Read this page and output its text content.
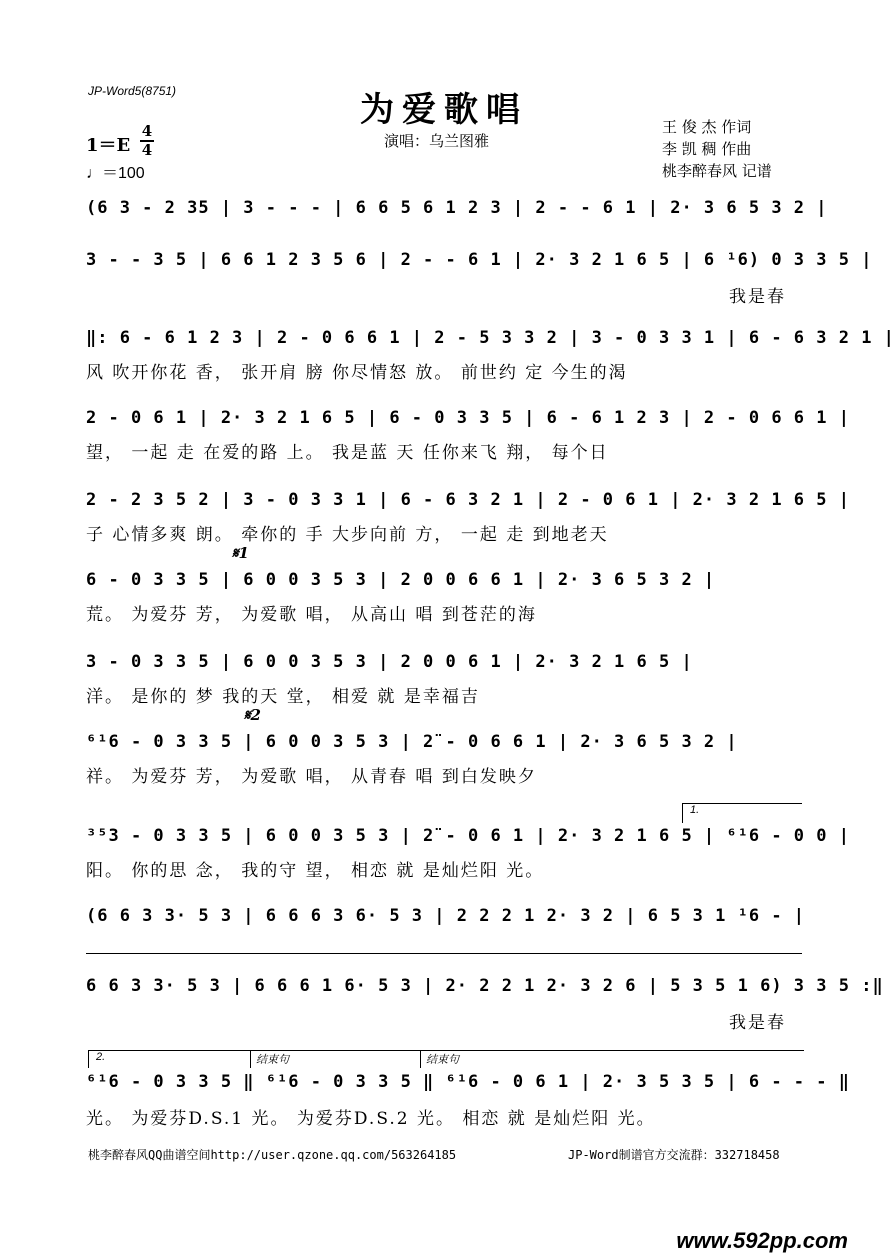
JP-Word5(8751)	为爱歌唱
演唱：乌兰图雅
1＝E
4
4
♩＝100
王 俊 杰 作词
李 凯 稠 作曲
桃李醉春风 记谱
(6 3 - 2 35 | 3 - - - | 6 6 5 6 1 2 3 | 2 - - 6 1 | 2· 3 6 5 3 2 |
3 - - 3 5 | 6 6 1 2 3 5 6 | 2 - - 6 1 | 2· 3 2 1 6 5 | 6 ¹6) 0 3 3 5 |
我是春
‖: 6 - 6 1 2 3 | 2 - 0 6 6 1 | 2 - 5 3 3 2 | 3 - 0 3 3 1 | 6 - 6 3 2 1 |
风 吹开你花 香， 张开肩 膀 你尽情怒 放。 前世约 定 今生的渴
2 - 0 6 1 | 2· 3 2 1 6 5 | 6 - 0 3 3 5 | 6 - 6 1 2 3 | 2 - 0 6 6 1 |
望， 一起 走 在爱的路 上。 我是蓝 天 任你来飞 翔， 每个日
2 - 2 3 5 2 | 3 - 0 3 3 1 | 6 - 6 3 2 1 | 2 - 0 6 1 | 2· 3 2 1 6 5 |
子 心情多爽 朗。 牵你的 手 大步向前 方， 一起 走 到地老天
𝄋1
6 - 0 3 3 5 | 6 0 0 3 5 3 | 2 0 0 6 6 1 | 2· 3 6 5 3 2 |
荒。 为爱芬 芳， 为爱歌 唱， 从高山 唱 到苍茫的海
3 - 0 3 3 5 | 6 0 0 3 5 3 | 2 0 0 6 1 | 2· 3 2 1 6 5 |
洋。 是你的 梦 我的天 堂， 相爱 就 是幸福吉
𝄋2
⁶¹6 - 0 3 3 5 | 6 0 0 3 5 3 | 2̈ - 0 6 6 1 | 2· 3 6 5 3 2 |
祥。 为爱芬 芳， 为爱歌 唱， 从青春 唱 到白发映夕
1.
³⁵3 - 0 3 3 5 | 6 0 0 3 5 3 | 2̈ - 0 6 1 | 2· 3 2 1 6 5 | ⁶¹6 - 0 0 |
阳。 你的思 念， 我的守 望， 相恋 就 是灿烂阳 光。
(6 6 3 3· 5 3 | 6 6 6 3 6· 5 3 | 2 2 2 1 2· 3 2 | 6 5 3 1 ¹6 - |
6 6 3 3· 5 3 | 6 6 6 1 6· 5 3 | 2· 2 2 1 2· 3 2 6 | 5 3 5 1 6) 3 3 5 :‖
我是春
2.	结束句	结束句
⁶¹6 - 0 3 3 5 ‖ ⁶¹6 - 0 3 3 5 ‖ ⁶¹6 - 0 6 1 | 2· 3 5 3 5 | 6 - - - ‖
光。 为爱芬D.S.1 光。 为爱芬D.S.2 光。 相恋 就 是灿烂阳 光。
桃李醉春风QQ曲谱空间http://user.qzone.qq.com/563264185	JP-Word制谱官方交流群：332718458
www.592pp.com
